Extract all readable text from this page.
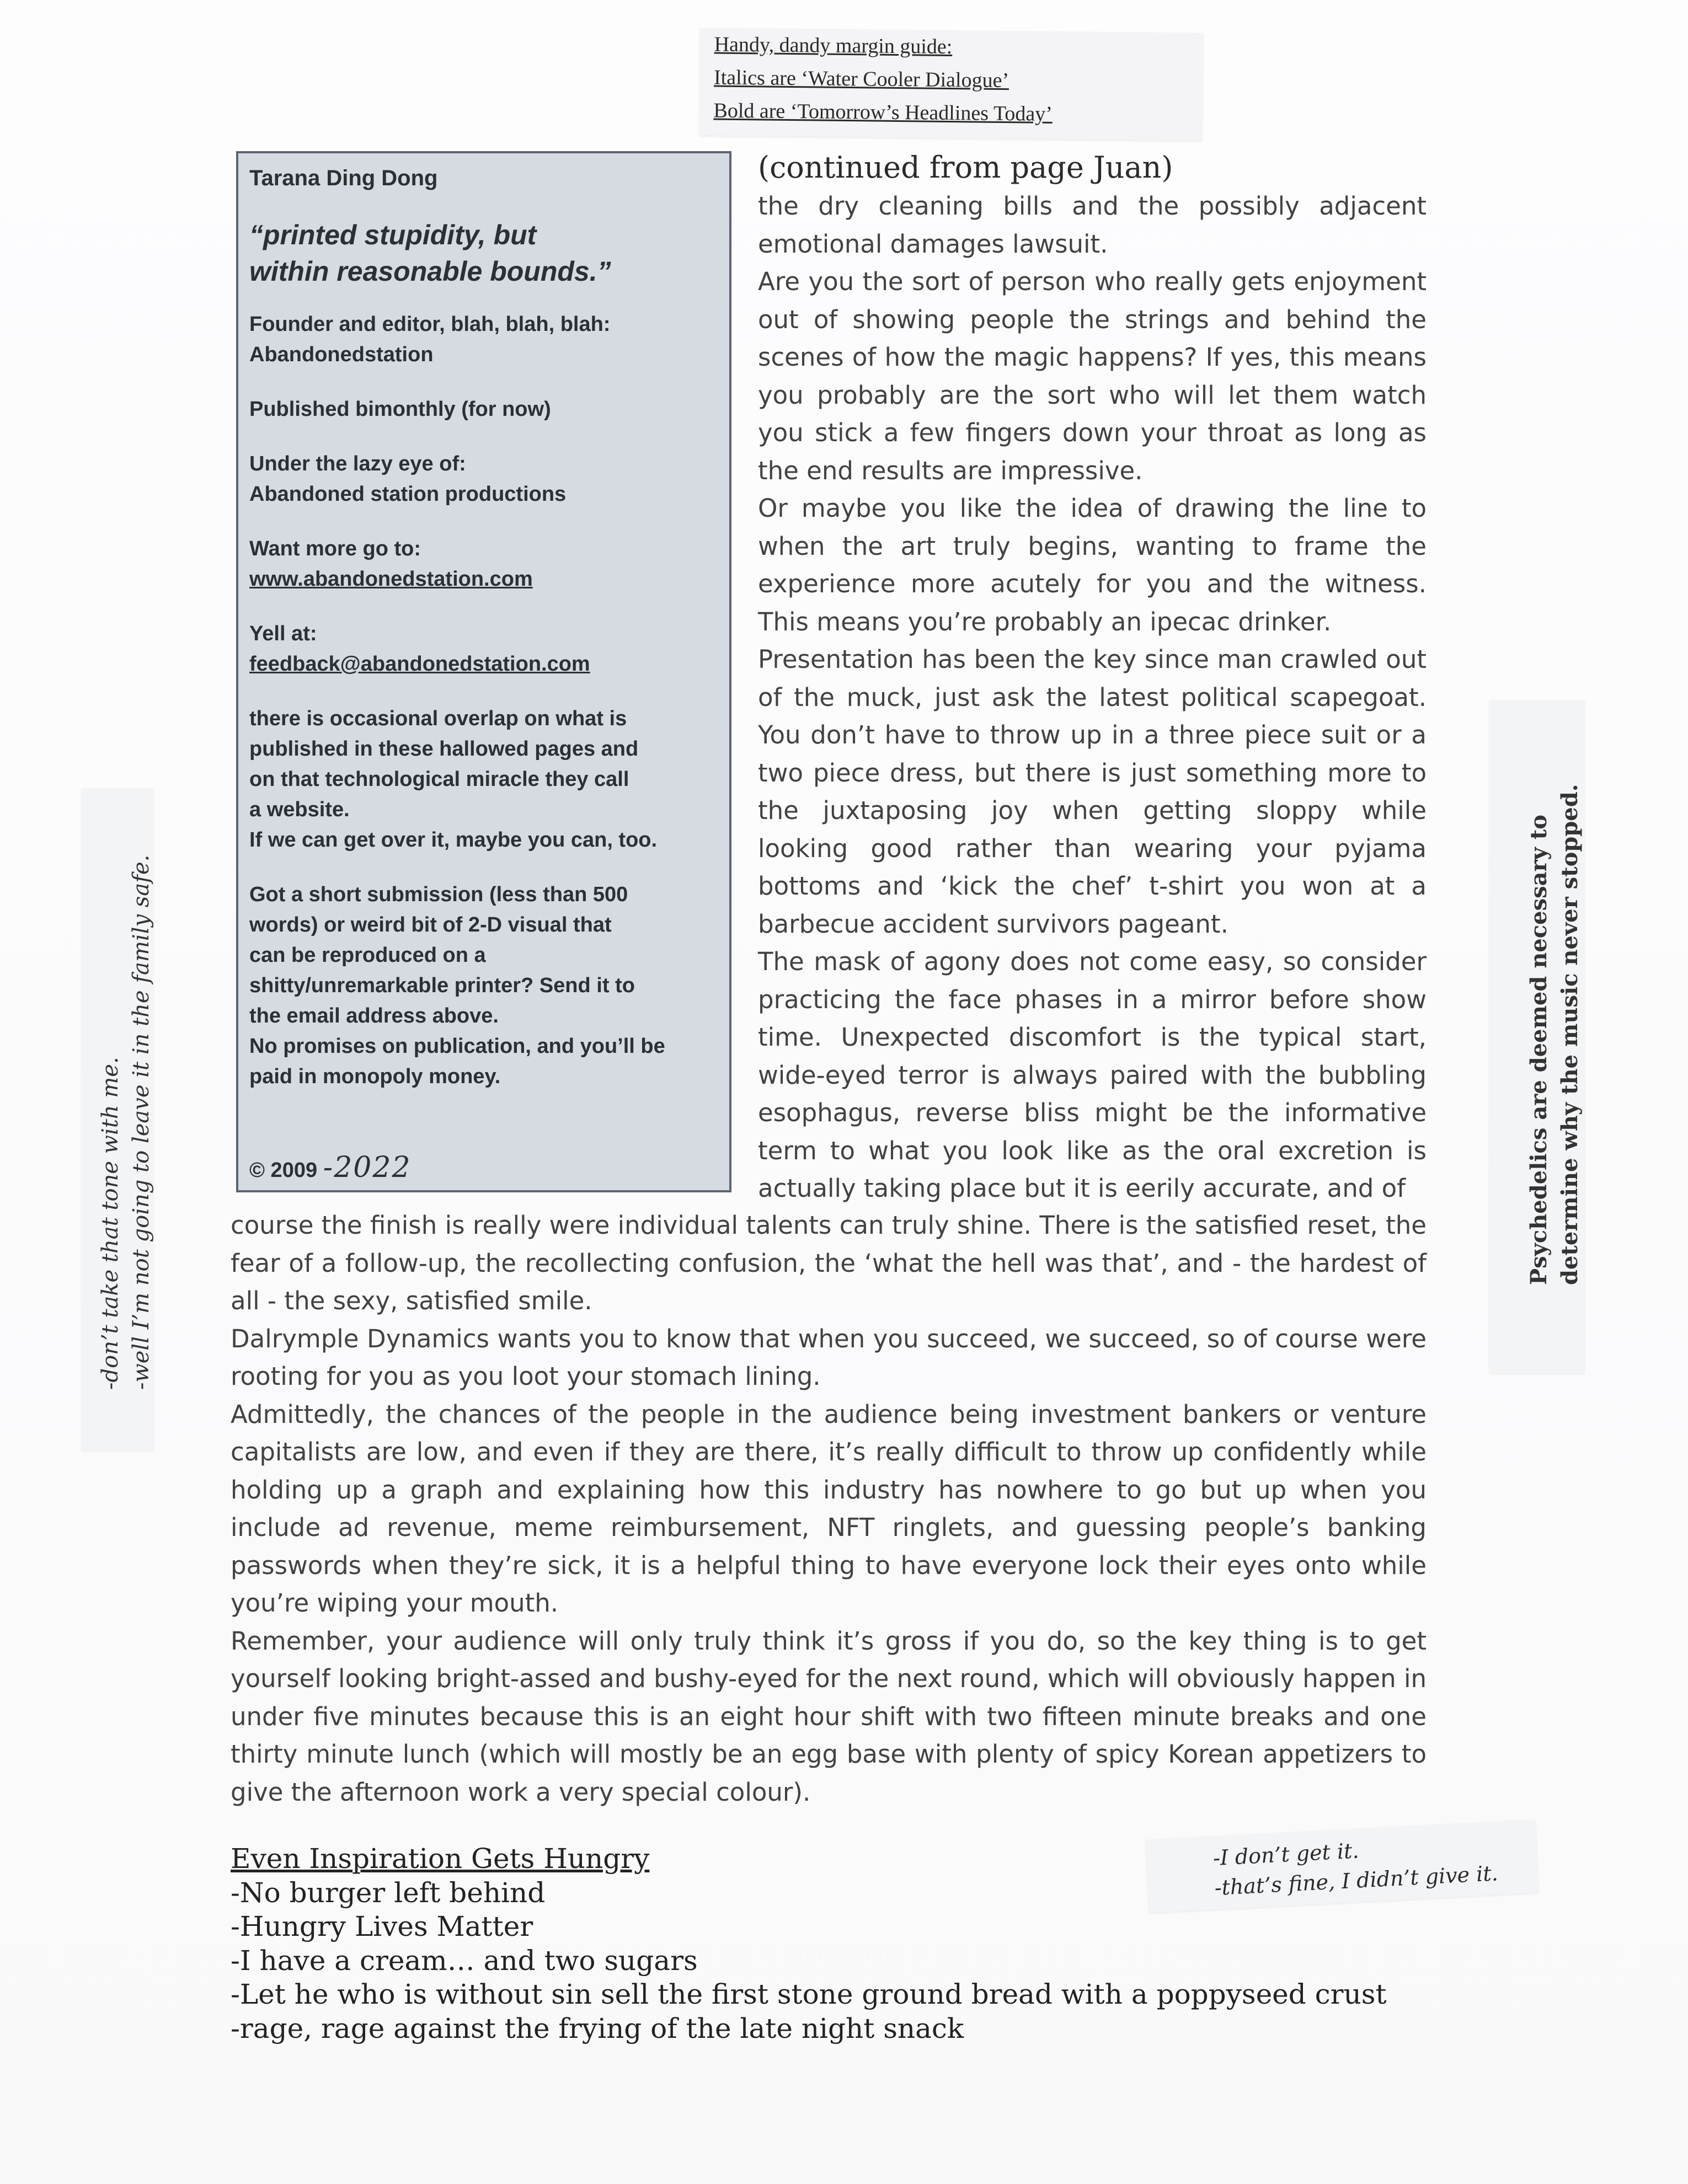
Handy, dandy margin guide:
Italics are ‘Water Cooler Dialogue’
Bold are ‘Tomorrow’s Headlines Today’
Tarana Ding Dong
“printed stupidity, but
within reasonable bounds.”
Founder and editor, blah, blah, blah:
Abandonedstation
Published bimonthly (for now)
Under the lazy eye of:
Abandoned station productions
Want more go to:
www.abandonedstation.com
Yell at:
feedback@abandonedstation.com
there is occasional overlap on what is
published in these hallowed pages and
on that technological miracle they call
a website.
If we can get over it, maybe you can, too.
Got a short submission (less than 500
words) or weird bit of 2-D visual that
can be reproduced on a
shitty/unremarkable printer? Send it to
the email address above.
No promises on publication, and you’ll be
paid in monopoly money.
© 2009 -2022
(continued from page Juan)

the dry cleaning bills and the possibly adjacent emotional damages lawsuit.

Are you the sort of person who really gets enjoyment out of showing people the strings and behind the scenes of how the magic happens? If yes, this means you probably are the sort who will let them watch you stick a few fingers down your throat as long as the end results are impressive.

Or maybe you like the idea of drawing the line to when the art truly begins, wanting to frame the experience more acutely for you and the witness. This means you’re probably an ipecac drinker.

Presentation has been the key since man crawled out of the muck, just ask the latest political scapegoat. You don’t have to throw up in a three piece suit or a two piece dress, but there is just something more to the juxtaposing joy when getting sloppy while looking good rather than wearing your pyjama bottoms and ‘kick the chef’ t-shirt you won at a barbecue accident survivors pageant.

The mask of agony does not come easy, so consider practicing the face phases in a mirror before show time. Unexpected discomfort is the typical start, wide-eyed terror is always paired with the bubbling esophagus, reverse bliss might be the informative term to what you look like as the oral excretion is actually taking place but it is eerily accurate, and of

course the finish is really were individual talents can truly shine. There is the satisfied reset, the fear of a follow-up, the recollecting confusion, the ‘what the hell was that’, and - the hardest of all - the sexy, satisfied smile.

Dalrymple Dynamics wants you to know that when you succeed, we succeed, so of course were rooting for you as you loot your stomach lining.

Admittedly, the chances of the people in the audience being investment bankers or venture capitalists are low, and even if they are there, it’s really difficult to throw up confidently while holding up a graph and explaining how this industry has nowhere to go but up when you include ad revenue, meme reimbursement, NFT ringlets, and guessing people’s banking passwords when they’re sick, it is a helpful thing to have everyone lock their eyes onto while you’re wiping your mouth.

Remember, your audience will only truly think it’s gross if you do, so the key thing is to get yourself looking bright-assed and bushy-eyed for the next round, which will obviously happen in under five minutes because this is an eight hour shift with two fifteen minute breaks and one thirty minute lunch (which will mostly be an egg base with plenty of spicy Korean appetizers to give the afternoon work a very special colour).

Even Inspiration Gets Hungry
-No burger left behind
-Hungry Lives Matter
-I have a cream… and two sugars
-Let he who is without sin sell the first stone ground bread with a poppyseed crust
-rage, rage against the frying of the late night snack
-don’t take that tone with me. -well I’m not going to leave it in the family safe.	Psychedelics are deemed necessary to determine why the music never stopped.
-I don’t get it.
-that’s fine, I didn’t give it.
